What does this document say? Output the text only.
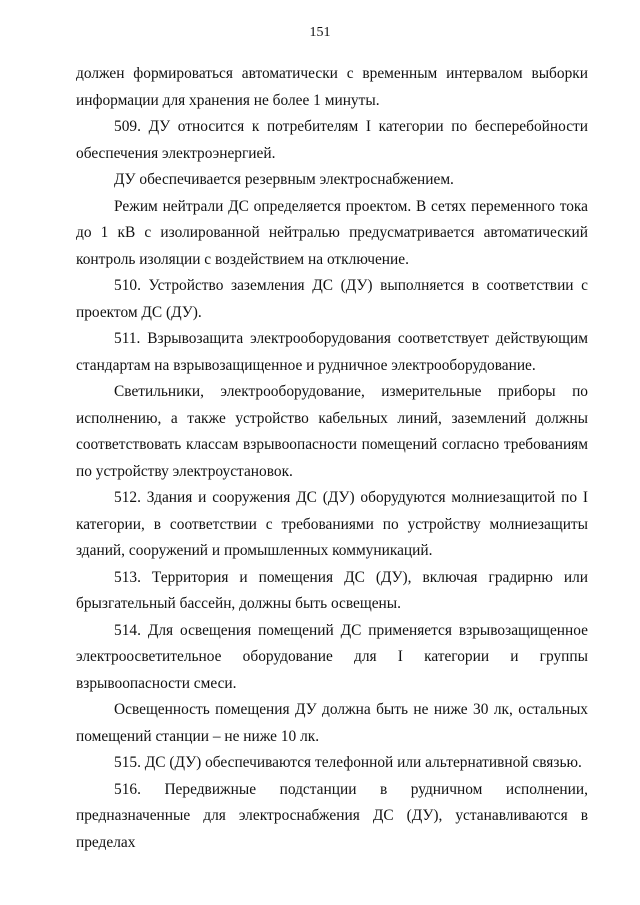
151

должен формироваться автоматически с временным интервалом выборки информации для хранения не более 1 минуты.

509. ДУ относится к потребителям I категории по бесперебойности обеспечения электроэнергией.

ДУ обеспечивается резервным электроснабжением.

Режим нейтрали ДС определяется проектом. В сетях переменного тока до 1 кВ с изолированной нейтралью предусматривается автоматический контроль изоляции с воздействием на отключение.

510. Устройство заземления ДС (ДУ) выполняется в соответствии с проектом ДС (ДУ).

511. Взрывозащита электрооборудования соответствует действующим стандартам на взрывозащищенное и рудничное электрооборудование.

Светильники, электрооборудование, измерительные приборы по исполнению, а также устройство кабельных линий, заземлений должны соответствовать классам взрывоопасности помещений согласно требованиям по устройству электроустановок.

512. Здания и сооружения ДС (ДУ) оборудуются молниезащитой по I категории, в соответствии с требованиями по устройству молниезащиты зданий, сооружений и промышленных коммуникаций.

513. Территория и помещения ДС (ДУ), включая градирню или брызгательный бассейн, должны быть освещены.

514. Для освещения помещений ДС применяется взрывозащищенное электроосветительное оборудование для I категории и группы взрывоопасности смеси.

Освещенность помещения ДУ должна быть не ниже 30 лк, остальных помещений станции – не ниже 10 лк.

515. ДС (ДУ) обеспечиваются телефонной или альтернативной связью.

516. Передвижные подстанции в рудничном исполнении, предназначенные для электроснабжения ДС (ДУ), устанавливаются в пределах
